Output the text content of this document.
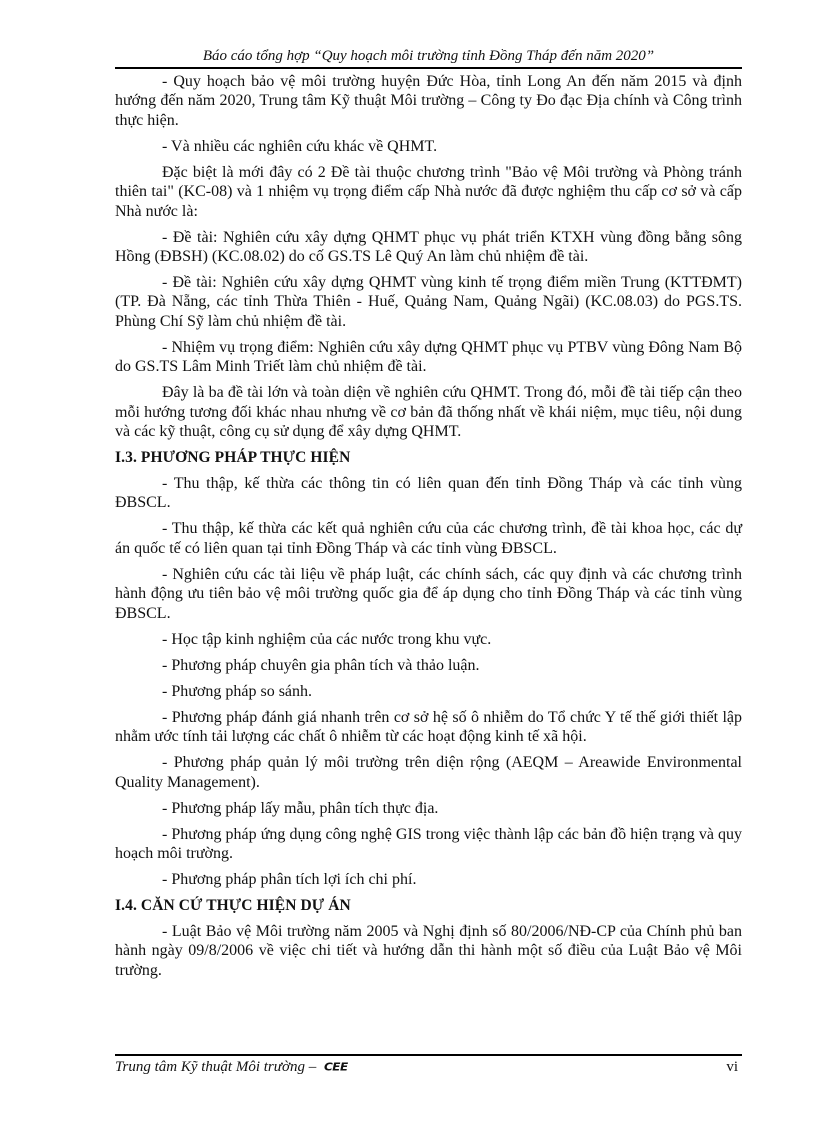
Báo cáo tổng hợp “Quy hoạch môi trường tỉnh Đồng Tháp đến năm 2020”

- Quy hoạch bảo vệ môi trường huyện Đức Hòa, tỉnh Long An đến năm 2015 và định hướng đến năm 2020, Trung tâm Kỹ thuật Môi trường – Công ty Đo đạc Địa chính và Công trình thực hiện.

- Và nhiều các nghiên cứu khác về QHMT.

Đặc biệt là mới đây có 2 Đề tài thuộc chương trình "Bảo vệ Môi trường và Phòng tránh thiên tai" (KC-08) và 1 nhiệm vụ trọng điểm cấp Nhà nước đã được nghiệm thu cấp cơ sở và cấp Nhà nước là:

- Đề tài: Nghiên cứu xây dựng QHMT phục vụ phát triển KTXH vùng đồng bằng sông Hồng (ĐBSH) (KC.08.02) do cố GS.TS Lê Quý An làm chủ nhiệm đề tài.

- Đề tài: Nghiên cứu xây dựng QHMT vùng kinh tế trọng điểm miền Trung (KTTĐMT) (TP. Đà Nẵng, các tỉnh Thừa Thiên - Huế, Quảng Nam, Quảng Ngãi) (KC.08.03) do PGS.TS. Phùng Chí Sỹ làm chủ nhiệm đề tài.

- Nhiệm vụ trọng điểm: Nghiên cứu xây dựng QHMT phục vụ PTBV vùng Đông Nam Bộ do GS.TS Lâm Minh Triết làm chủ nhiệm đề tài.

Đây là ba đề tài lớn và toàn diện về nghiên cứu QHMT. Trong đó, mỗi đề tài tiếp cận theo mỗi hướng tương đối khác nhau nhưng về cơ bản đã thống nhất về khái niệm, mục tiêu, nội dung và các kỹ thuật, công cụ sử dụng để xây dựng QHMT.

I.3. PHƯƠNG PHÁP THỰC HIỆN

- Thu thập, kế thừa các thông tin có liên quan đến tỉnh Đồng Tháp và các tỉnh vùng ĐBSCL.

- Thu thập, kế thừa các kết quả nghiên cứu của các chương trình, đề tài khoa học, các dự án quốc tế có liên quan tại tỉnh Đồng Tháp và các tỉnh vùng ĐBSCL.

- Nghiên cứu các tài liệu về pháp luật, các chính sách, các quy định và các chương trình hành động ưu tiên bảo vệ môi trường quốc gia để áp dụng cho tỉnh Đồng Tháp và các tỉnh vùng ĐBSCL.

- Học tập kinh nghiệm của các nước trong khu vực.

- Phương pháp chuyên gia phân tích và thảo luận.

- Phương pháp so sánh.

- Phương pháp đánh giá nhanh trên cơ sở hệ số ô nhiễm do Tổ chức Y tế thế giới thiết lập nhằm ước tính tải lượng các chất ô nhiễm từ các hoạt động kinh tế xã hội.

- Phương pháp quản lý môi trường trên diện rộng (AEQM – Areawide Environmental Quality Management).

- Phương pháp lấy mẫu, phân tích thực địa.

- Phương pháp ứng dụng công nghệ GIS trong việc thành lập các bản đồ hiện trạng và quy hoạch môi trường.

- Phương pháp phân tích lợi ích chi phí.

I.4. CĂN CỨ THỰC HIỆN DỰ ÁN

- Luật Bảo vệ Môi trường năm 2005 và Nghị định số 80/2006/NĐ-CP của Chính phủ ban hành ngày 09/8/2006 về việc chi tiết và hướng dẫn thi hành một số điều của Luật Bảo vệ Môi trường.

Trung tâm Kỹ thuật Môi trường – CEE	vi
